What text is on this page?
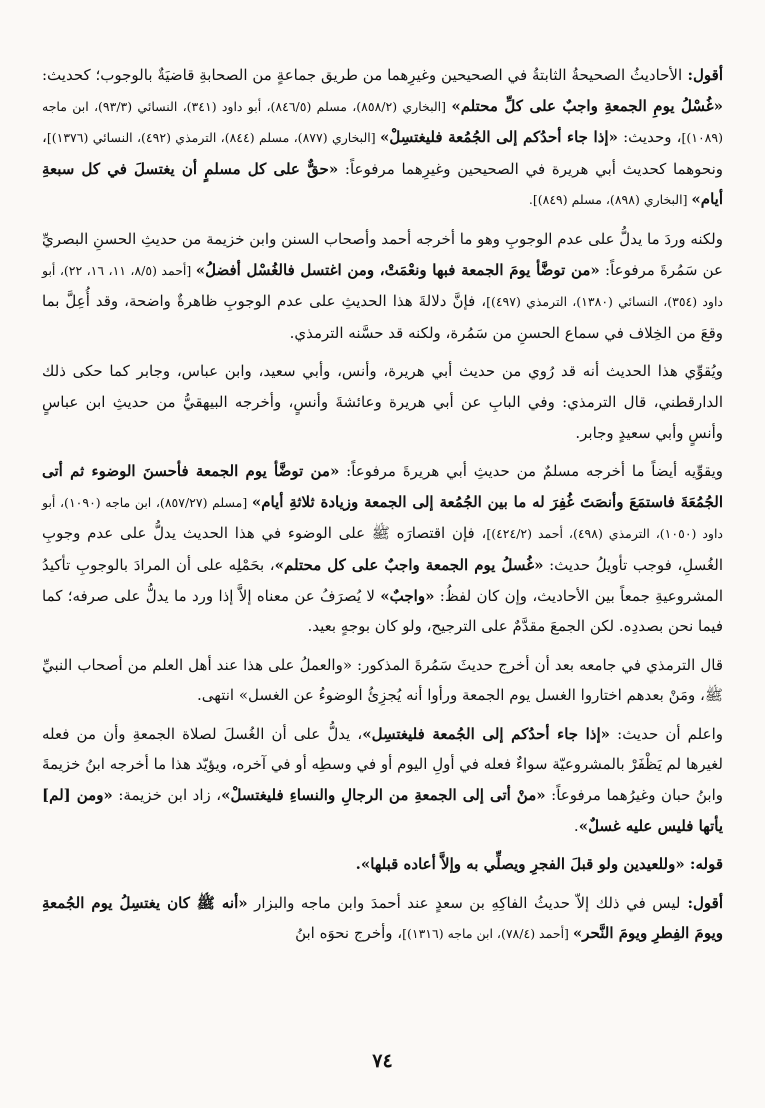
أقول: الأحاديثُ الصحيحةُ الثابتةُ في الصحيحين وغيرِهما من طريق جماعةٍ من الصحابةِ قاضيَةٌ بالوجوب؛ كحديث: «غُسْلُ يومِ الجمعةِ واجبٌ على كلِّ محتلم» [البخاري (٨٥٨/٢)، مسلم (٨٤٦/٥)، أبو داود (٣٤١)، النسائي (٩٣/٣)، ابن ماجه (١٠٨٩)]، وحديث: «إذا جاء أحدُكم إلى الجُمُعة فليغتسِلْ» [البخاري (٨٧٧)، مسلم (٨٤٤)، الترمذي (٤٩٢)، النسائي (١٣٧٦)]، ونحوهما كحديث أبي هريرة في الصحيحين وغيرِهما مرفوعاً: «حقٌّ على كل مسلمٍ أن يغتسلَ في كل سبعةِ أيام» [البخاري (٨٩٨)، مسلم (٨٤٩)].

ولكنه وردَ ما يدلُّ على عدم الوجوبِ وهو ما أخرجه أحمد وأصحاب السنن وابن خزيمة من حديثِ الحسنِ البصريِّ عن سَمُرةَ مرفوعاً: «من توضَّأ يومَ الجمعة فبها ونعْمَتْ، ومن اغتسل فالغُسْل أفضلُ» [أحمد (٨/٥، ١١، ١٦، ٢٢)، أبو داود (٣٥٤)، النسائي (١٣٨٠)، الترمذي (٤٩٧)]، فإنَّ دلالةَ هذا الحديثِ على عدم الوجوبِ ظاهرةٌ واضحة، وقد أُعِلَّ بما وقعَ من الخِلاف في سماع الحسنِ من سَمُرة، ولكنه قد حسَّنه الترمذي.

ويُقوِّي هذا الحديث أنه قد رُوي من حديث أبي هريرة، وأنس، وأبي سعيد، وابن عباس، وجابر كما حكى ذلك الدارقطني، قال الترمذي: وفي البابِ عن أبي هريرة وعائشةَ وأنسٍ، وأخرجه البيهقيُّ من حديثِ ابن عباسٍ وأنسٍ وأبي سعيدٍ وجابر.

ويقوِّيه أيضاً ما أخرجه مسلمٌ من حديثِ أبي هريرةَ مرفوعاً: «من توضَّأ يوم الجمعة فأحسنَ الوضوء ثم أتى الجُمُعَةَ فاستمَعَ وأنصَتَ غُفِرَ له ما بين الجُمُعة إلى الجمعة وزيادة ثلاثةِ أيام» [مسلم (٨٥٧/٢٧)، ابن ماجه (١٠٩٠)، أبو داود (١٠٥٠)، الترمذي (٤٩٨)، أحمد (٤٢٤/٢)]، فإن اقتصارَه ﷺ على الوضوء في هذا الحديث يدلُّ على عدم وجوبِ الغُسلِ، فوجب تأويلُ حديث: «غُسلُ يوم الجمعة واجبٌ على كل محتلم»، بحَمْلِه على أن المرادَ بالوجوبِ تأكيدُ المشروعيةِ جمعاً بين الأحاديث، وإن كان لفظُ: «واجبٌ» لا يُصرَفُ عن معناه إلاَّ إذا ورد ما يدلُّ على صرفه؛ كما فيما نحن بصددِه. لكن الجمعَ مقدَّمٌ على الترجيح، ولو كان بوجهٍ بعيد.

قال الترمذي في جامعه بعد أن أخرج حديثَ سَمُرةَ المذكور: «والعملُ على هذا عند أهل العلم من أصحاب النبيِّ ﷺ، ومَنْ بعدهم اختاروا الغسل يوم الجمعة ورأوا أنه يُجزِئُ الوضوءُ عن الغسل» انتهى.

واعلم أن حديث: «إذا جاء أحدُكم إلى الجُمعة فليغتسِل»، يدلُّ على أن الغُسلَ لصلاة الجمعةِ وأن من فعله لغيرها لم يَظْفَرْ بالمشروعيّة سواءٌ فعله في أولِ اليوم أو في وسطِه أو في آخره، ويؤيّد هذا ما أخرجه ابنُ خزيمةَ وابنُ حبان وغيرُهما مرفوعاً: «منْ أتى إلى الجمعةِ من الرجالِ والنساءِ فليغتسلْ»، زاد ابن خزيمة: «ومن [لم] يأتها فليس عليه غسلٌ».

قوله: «وللعيدين ولو قبلَ الفجرِ ويصلِّي به وإلاَّ أعاده قبلها».

أقول: ليس في ذلك إلاّ حديثُ الفاكِهِ بن سعدٍ عند أحمدَ وابن ماجه والبزار «أنه ﷺ كان يغتسِلُ يوم الجُمعةِ ويومَ الفِطرِ ويومَ النَّحر» [أحمد (٧٨/٤)، ابن ماجه (١٣١٦)]، وأخرج نحوَه ابنُ

٧٤
